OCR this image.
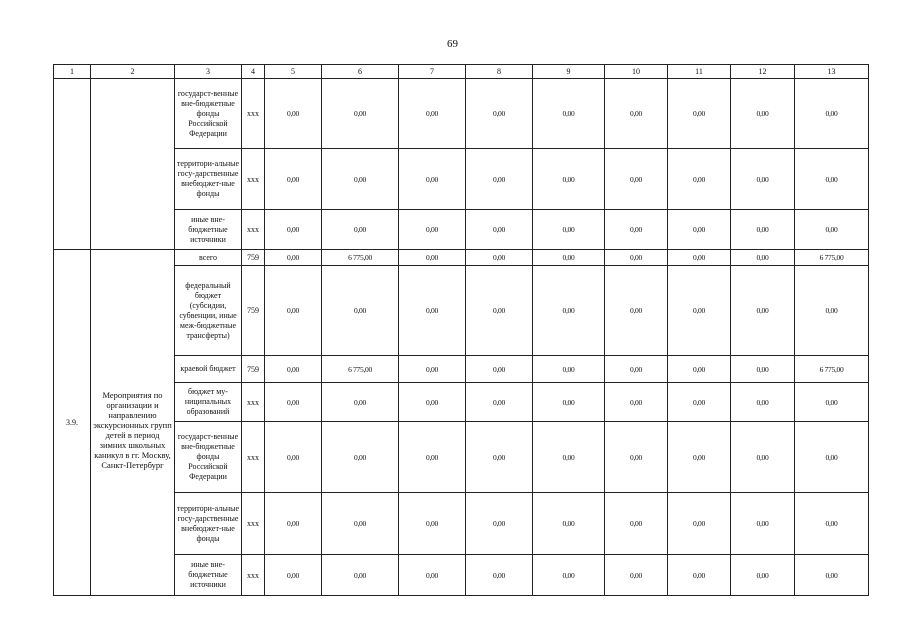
69
1	2	3	4	5	6	7	8	9	10	11	12	13
		государст-венные вне-бюджетные фонды Российской Федерации	ххх	0,00	0,00	0,00	0,00	0,00	0,00	0,00	0,00	0,00
		территори-альные госу-дарственные внебюджет-ные фонды	ххх	0,00	0,00	0,00	0,00	0,00	0,00	0,00	0,00	0,00
		иные вне-бюджетные источники	ххх	0,00	0,00	0,00	0,00	0,00	0,00	0,00	0,00	0,00
3.9.		всего	759	0,00	6 775,00	0,00	0,00	0,00	0,00	0,00	0,00	6 775,00
	Мероприятия по организации и направлению экскурсионных групп детей в период зимних школьных каникул в гг. Москву, Санкт-Петербург	федеральный бюджет (субсидии, субвенции, иные меж-бюджетные трансферты)	759	0,00	0,00	0,00	0,00	0,00	0,00	0,00	0,00	0,00
		краевой бюджет	759	0,00	6 775,00	0,00	0,00	0,00	0,00	0,00	0,00	6 775,00
		бюджет му-ниципальных образований	ххх	0,00	0,00	0,00	0,00	0,00	0,00	0,00	0,00	0,00
		государст-венные вне-бюджетные фонды Российской Федерации	ххх	0,00	0,00	0,00	0,00	0,00	0,00	0,00	0,00	0,00
		территори-альные госу-дарственные внебюджет-ные фонды	ххх	0,00	0,00	0,00	0,00	0,00	0,00	0,00	0,00	0,00
		иные вне-бюджетные источники	ххх	0,00	0,00	0,00	0,00	0,00	0,00	0,00	0,00	0,00
